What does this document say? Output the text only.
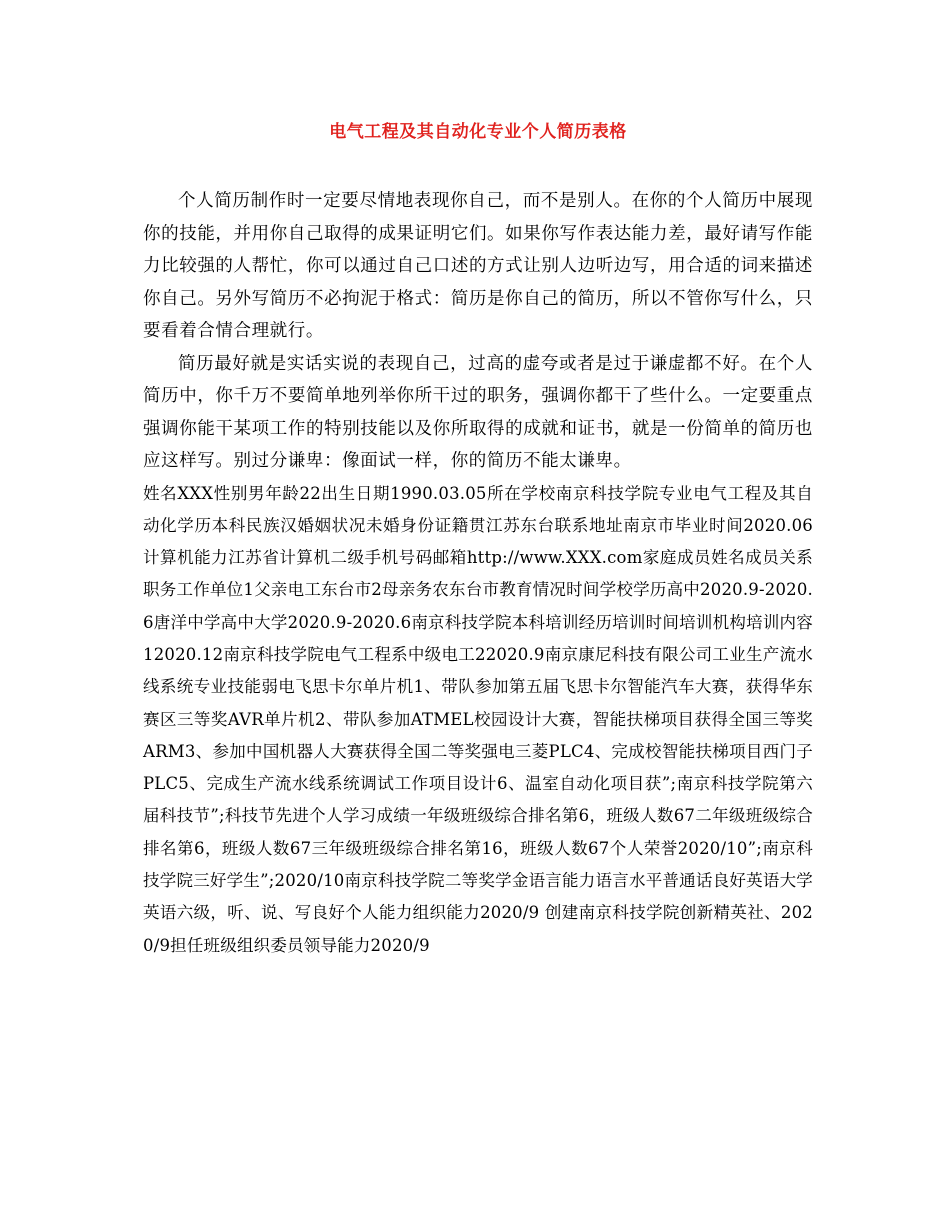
电气工程及其自动化专业个人简历表格

个人简历制作时一定要尽情地表现你自己，而不是别人。在你的个人简历中展现你的技能，并用你自己取得的成果证明它们。如果你写作表达能力差，最好请写作能力比较强的人帮忙，你可以通过自己口述的方式让别人边听边写，用合适的词来描述你自己。另外写简历不必拘泥于格式：简历是你自己的简历，所以不管你写什么，只要看着合情合理就行。

简历最好就是实话实说的表现自己，过高的虚夸或者是过于谦虚都不好。在个人简历中，你千万不要简单地列举你所干过的职务，强调你都干了些什么。一定要重点强调你能干某项工作的特别技能以及你所取得的成就和证书，就是一份简单的简历也应这样写。别过分谦卑：像面试一样，你的简历不能太谦卑。

姓名XXX性别男年龄22出生日期1990.03.05所在学校南京科技学院专业电气工程及其自动化学历本科民族汉婚姻状况未婚身份证籍贯江苏东台联系地址南京市毕业时间2020.06计算机能力江苏省计算机二级手机号码邮箱http://www.XXX.com家庭成员姓名成员关系职务工作单位1父亲电工东台市2母亲务农东台市教育情况时间学校学历高中2020.9-2020.6唐洋中学高中大学2020.9-2020.6南京科技学院本科培训经历培训时间培训机构培训内容12020.12南京科技学院电气工程系中级电工22020.9南京康尼科技有限公司工业生产流水线系统专业技能弱电飞思卡尔单片机1、带队参加第五届飞思卡尔智能汽车大赛，获得华东赛区三等奖AVR单片机2、带队参加ATMEL校园设计大赛，智能扶梯项目获得全国三等奖ARM3、参加中国机器人大赛获得全国二等奖强电三菱PLC4、完成校智能扶梯项目西门子PLC5、完成生产流水线系统调试工作项目设计6、温室自动化项目获”;南京科技学院第六届科技节”;科技节先进个人学习成绩一年级班级综合排名第6，班级人数67二年级班级综合排名第6，班级人数67三年级班级综合排名第16，班级人数67个人荣誉2020/10”;南京科技学院三好学生”;2020/10南京科技学院二等奖学金语言能力语言水平普通话良好英语大学英语六级，听、说、写良好个人能力组织能力2020/9 创建南京科技学院创新精英社、2020/9担任班级组织委员领导能力2020/9
